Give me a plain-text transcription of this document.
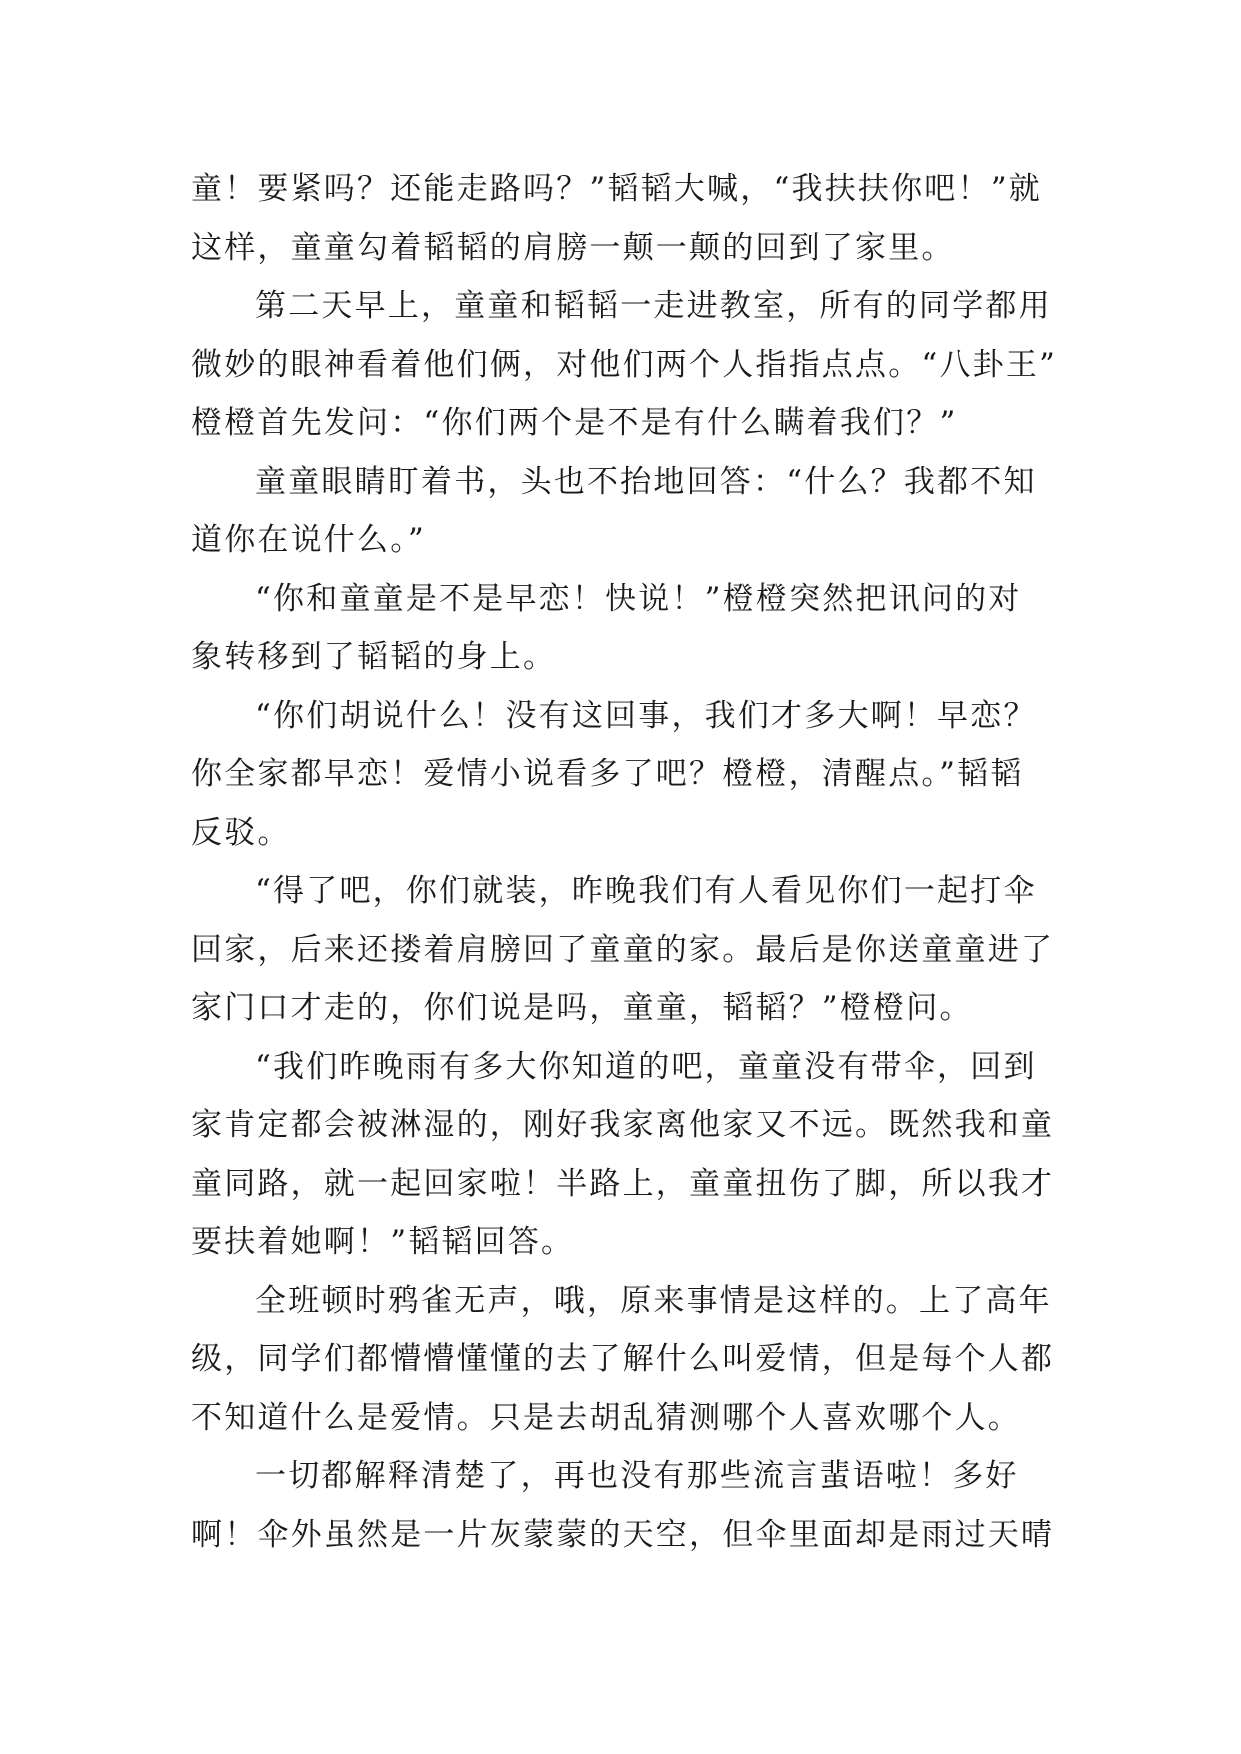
童！要紧吗？还能走路吗？”韬韬大喊，“我扶扶你吧！”就
这样，童童勾着韬韬的肩膀一颠一颠的回到了家里。
第二天早上，童童和韬韬一走进教室，所有的同学都用
微妙的眼神看着他们俩，对他们两个人指指点点。“八卦王”
橙橙首先发问：“你们两个是不是有什么瞒着我们？”
童童眼睛盯着书，头也不抬地回答：“什么？我都不知
道你在说什么。”
“你和童童是不是早恋！快说！”橙橙突然把讯问的对
象转移到了韬韬的身上。
“你们胡说什么！没有这回事，我们才多大啊！早恋？
你全家都早恋！爱情小说看多了吧？橙橙，清醒点。”韬韬
反驳。
“得了吧，你们就装，昨晚我们有人看见你们一起打伞
回家，后来还搂着肩膀回了童童的家。最后是你送童童进了
家门口才走的，你们说是吗，童童，韬韬？”橙橙问。
“我们昨晚雨有多大你知道的吧，童童没有带伞，回到
家肯定都会被淋湿的，刚好我家离他家又不远。既然我和童
童同路，就一起回家啦！半路上，童童扭伤了脚，所以我才
要扶着她啊！”韬韬回答。
全班顿时鸦雀无声，哦，原来事情是这样的。上了高年
级，同学们都懵懵懂懂的去了解什么叫爱情，但是每个人都
不知道什么是爱情。只是去胡乱猜测哪个人喜欢哪个人。
一切都解释清楚了，再也没有那些流言蜚语啦！多好
啊！伞外虽然是一片灰蒙蒙的天空，但伞里面却是雨过天晴
